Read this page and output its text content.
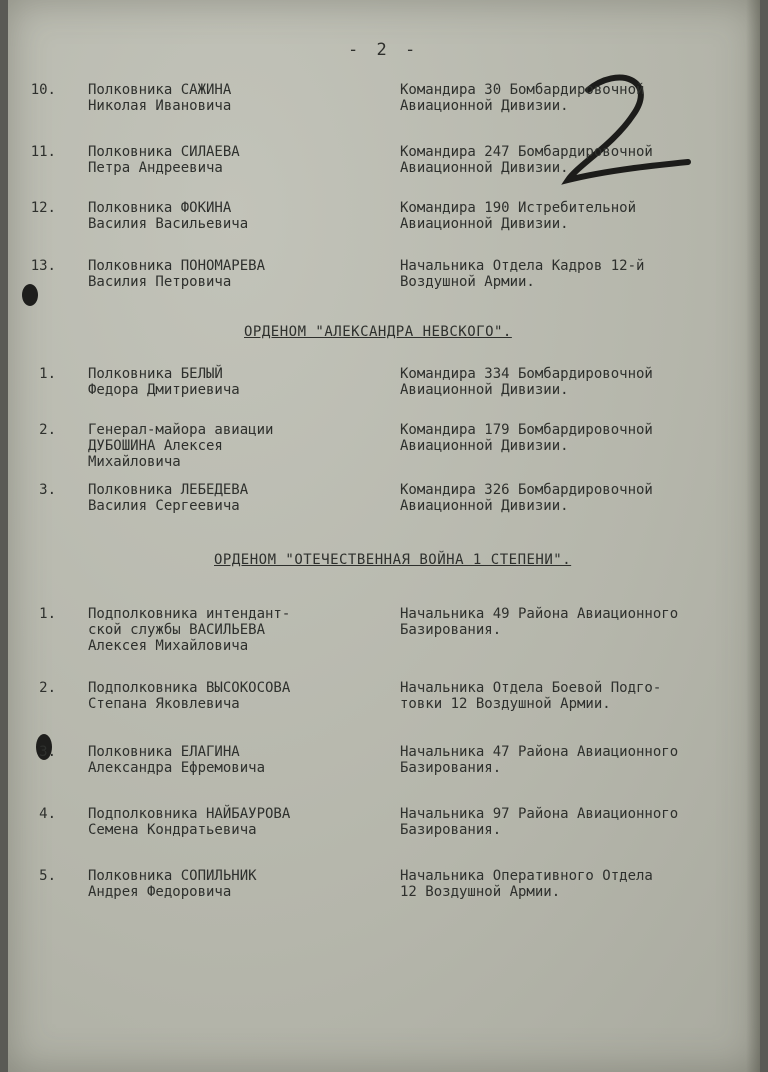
- 2 -
10. Полковника САЖИНА
Николая Ивановича
Командира 30 Бомбардировочной
Авиационной Дивизии.
11. Полковника СИЛАЕВА
Петра Андреевича
Командира 247 Бомбардировочной
Авиационной Дивизии.
12. Полковника ФОКИНА
Василия Васильевича
Командира 190 Истребительной
Авиационной Дивизии.
13. Полковника ПОНОМАРЕВА
Василия Петровича
Начальника Отдела Кадров 12-й
Воздушной Армии.
ОРДЕНОМ "АЛЕКСАНДРА НЕВСКОГО".
1. Полковника БЕЛЫЙ
Федора Дмитриевича
Командира 334 Бомбардировочной
Авиационной Дивизии.
2. Генерал-майора авиации
ДУБОШИНА Алексея
Михайловича
Командира 179 Бомбардировочной
Авиационной Дивизии.
3. Полковника ЛЕБЕДЕВА
Василия Сергеевича
Командира 326 Бомбардировочной
Авиационной Дивизии.
ОРДЕНОМ "ОТЕЧЕСТВЕННАЯ ВОЙНА 1 СТЕПЕНИ".
1. Подполковника интендант-
ской службы ВАСИЛЬЕВА
Алексея Михайловича
Начальника 49 Района Авиационного
Базирования.
2. Подполковника ВЫСОКОСОВА
Степана Яковлевича
Начальника Отдела Боевой Подго-
товки 12 Воздушной Армии.
3. Полковника ЕЛАГИНА
Александра Ефремовича
Начальника 47 Района Авиационного
Базирования.
4. Подполковника НАЙБАУРОВА
Семена Кондратьевича
Начальника 97 Района Авиационного
Базирования.
5. Полковника СОПИЛЬНИК
Андрея Федоровича
Начальника Оперативного Отдела
12 Воздушной Армии.
